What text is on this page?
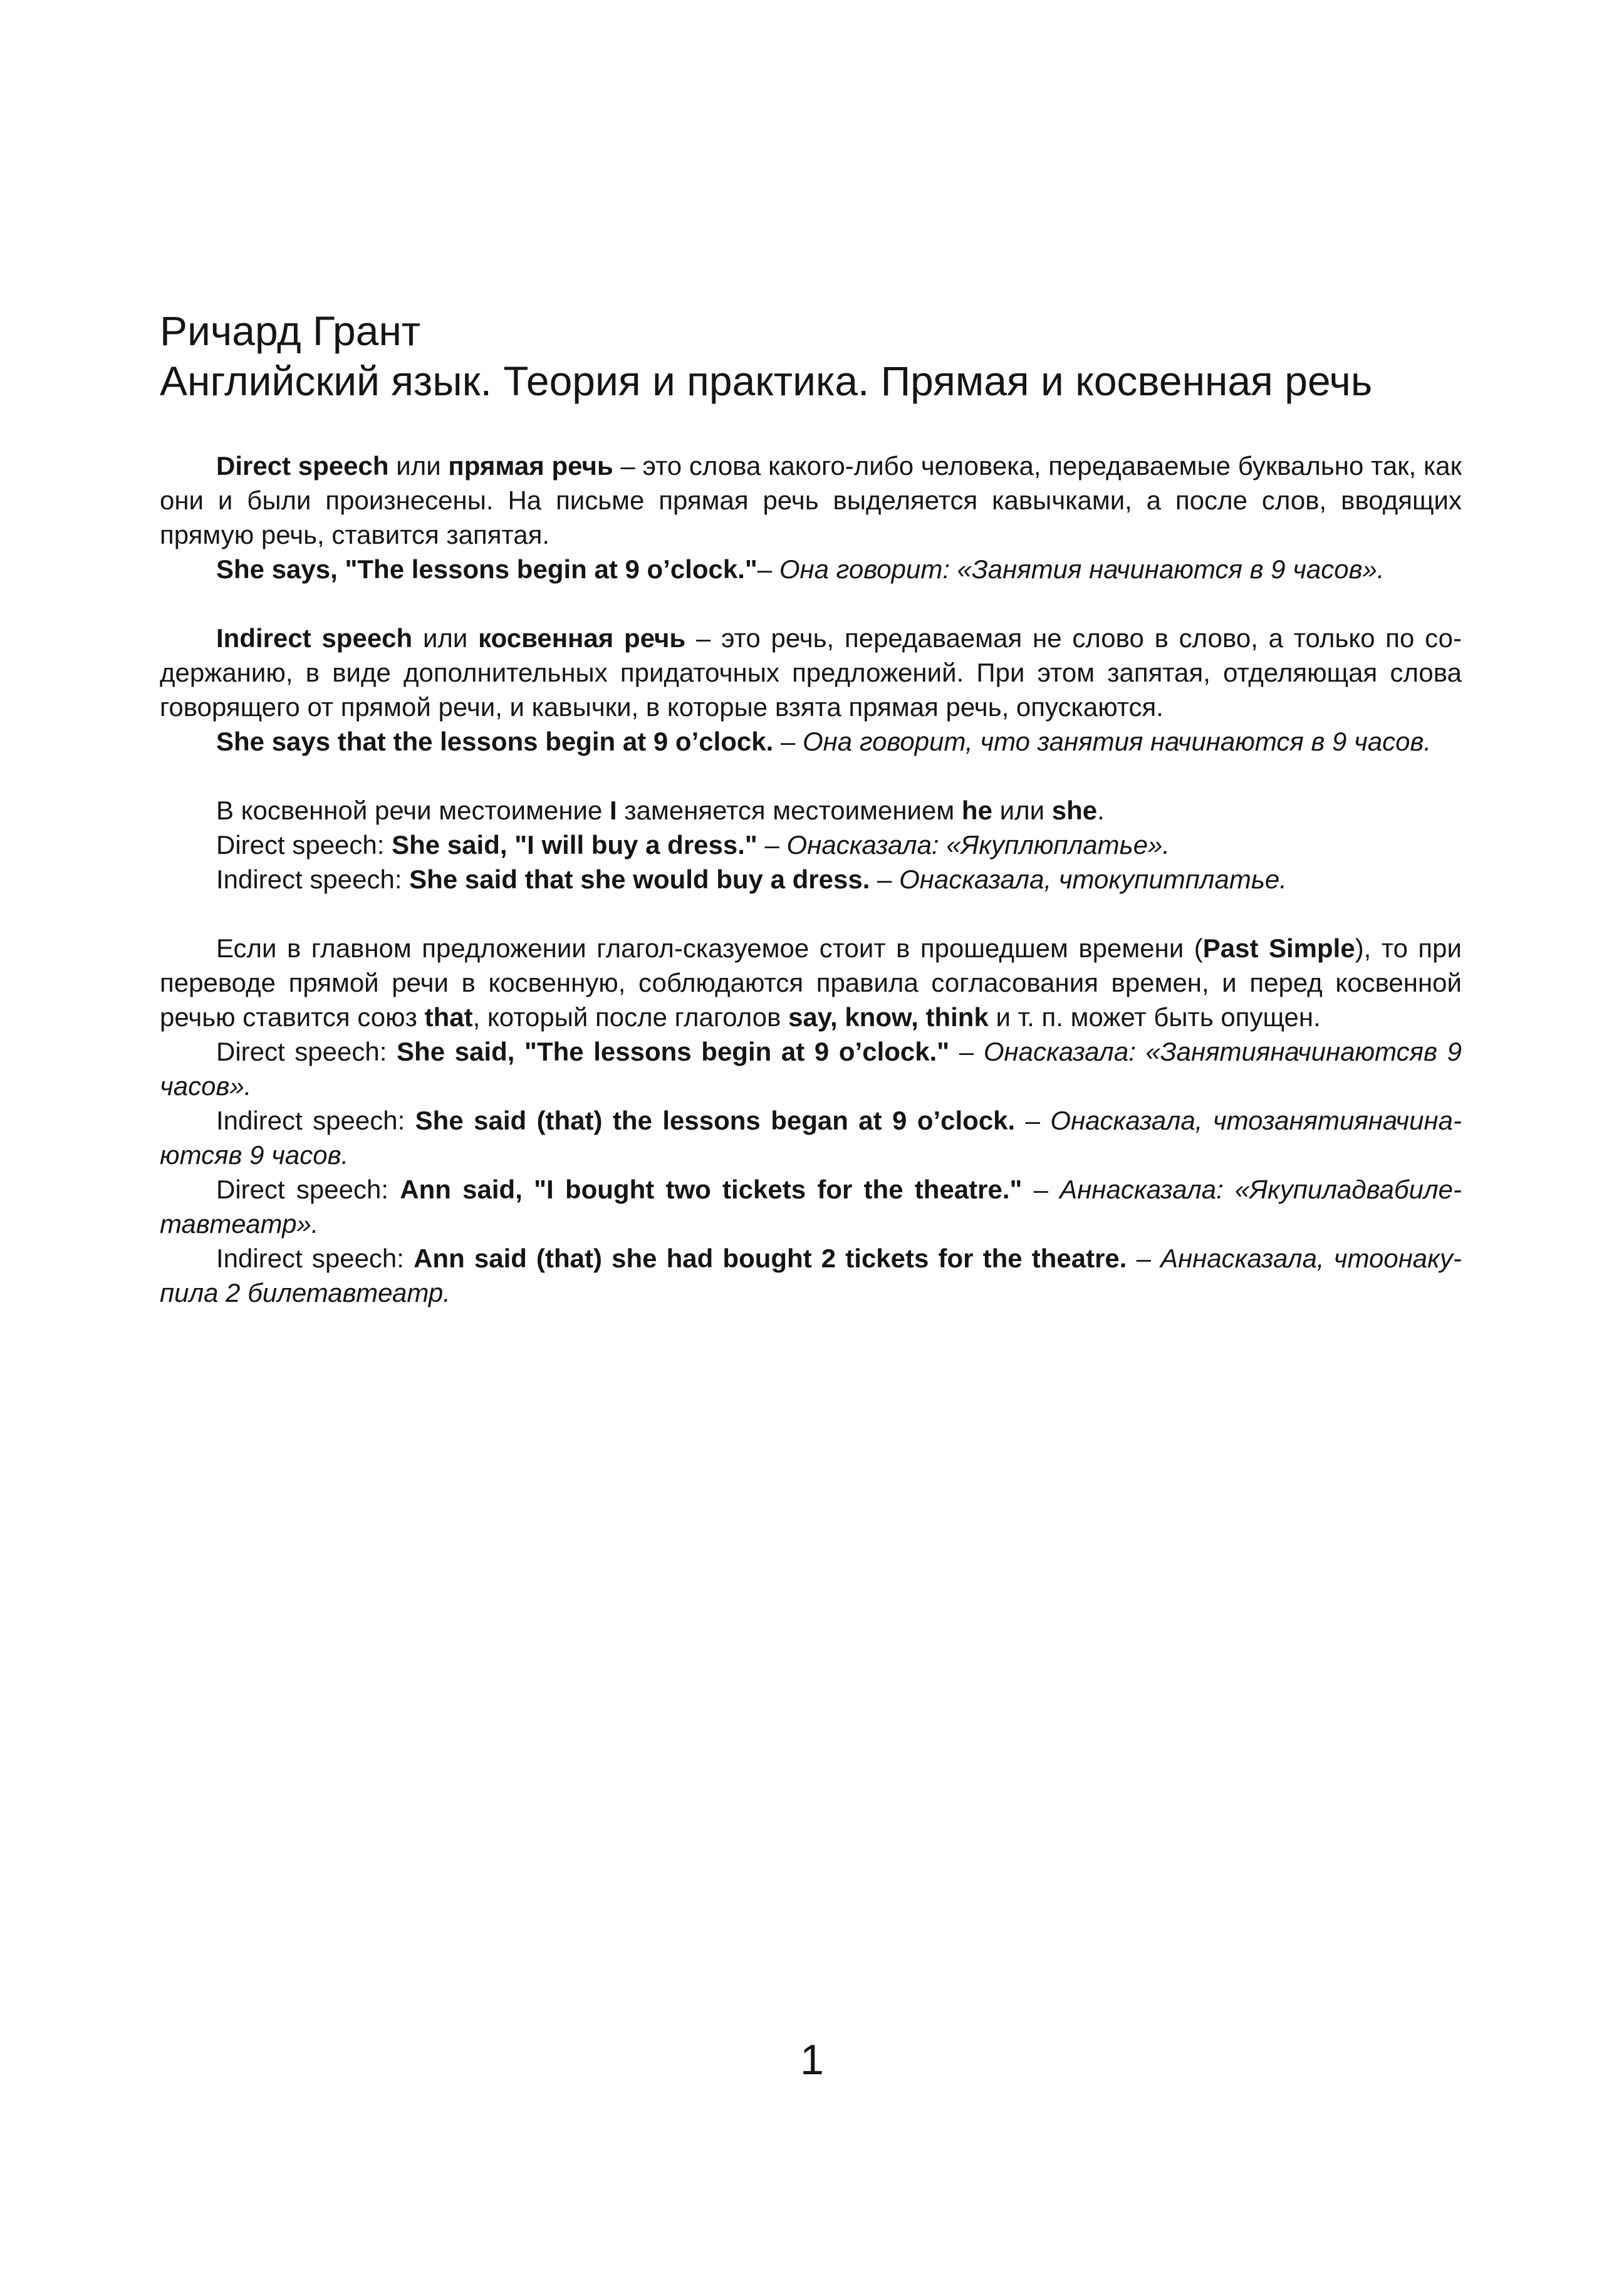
Ричард Грант
Английский язык. Теория и практика. Прямая и косвенная речь

Direct speech или прямая речь – это слова какого-либо человека, передаваемые буквально так, как они и были произнесены. На письме прямая речь выделяется кавычками, а после слов, вводящих прямую речь, ставится запятая.

She says, "The lessons begin at 9 o’clock."– Она говорит: «Занятия начинаются в 9 часов».

Indirect speech или косвенная речь – это речь, передаваемая не слово в слово, а только по содержанию, в виде дополнительных придаточных предложений. При этом запятая, отделяющая слова говорящего от прямой речи, и кавычки, в которые взята прямая речь, опускаются.

She says that the lessons begin at 9 o’clock. – Она говорит, что занятия начинаются в 9 часов.

В косвенной речи местоимение I заменяется местоимением he или she.

Direct speech: She said, "I will buy a dress." – Онасказала: «Якуплюплатье».

Indirect speech: She said that she would buy a dress. – Онасказала, чтокупитплатье.

Если в главном предложении глагол-сказуемое стоит в прошедшем времени (Past Simple), то при переводе прямой речи в косвенную, соблюдаются правила согласования времен, и перед косвенной речью ставится союз that, который после глаголов say, know, think и т. п. может быть опущен.

Direct speech: She said, "The lessons begin at 9 o’clock." – Онасказала: «Занятияначинаютсяв 9 часов».

Indirect speech: She said (that) the lessons began at 9 o’clock. – Онасказала, чтозанятияначинаютсяв 9 часов.

Direct speech: Ann said, "I bought two tickets for the theatre." – Аннасказала: «Якупиладвабилетавтеатр».

Indirect speech: Ann said (that) she had bought 2 tickets for the theatre. – Аннасказала, чтоонакупила 2 билетавтеатр.

1
